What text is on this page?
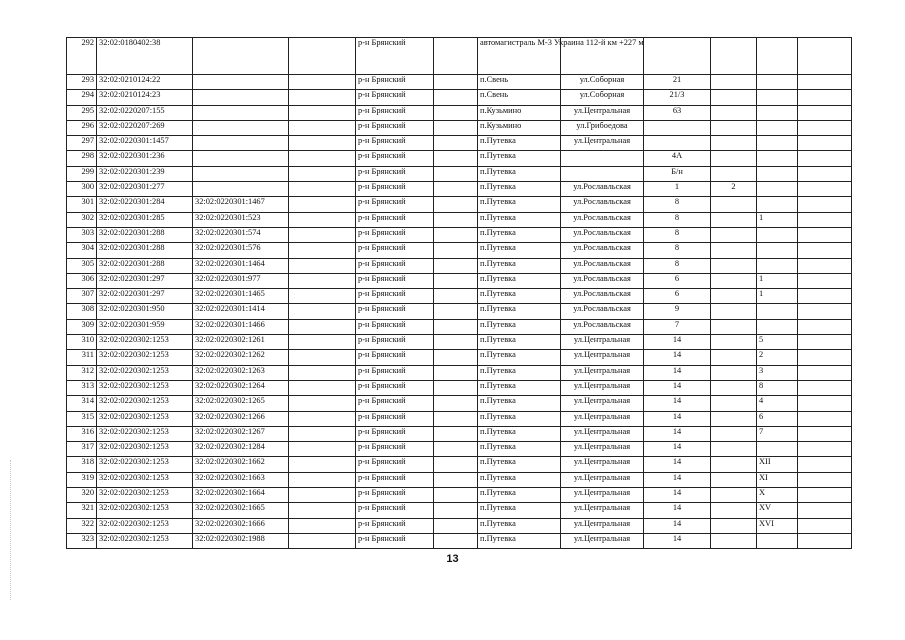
292	32:02:0180402:38			р-н Брянский		автомагистраль М-3 Украина 112-й км +227 м					
293	32:02:0210124:22			р-н Брянский		п.Свень	ул.Соборная	21			
294	32:02:0210124:23			р-н Брянский		п.Свень	ул.Соборная	21/3			
295	32:02:0220207:155			р-н Брянский		п.Кузьмино	ул.Центральная	63			
296	32:02:0220207:269			р-н Брянский		п.Кузьмино	ул.Грибоедова				
297	32:02:0220301:1457			р-н Брянский		п.Путевка	ул.Центральная				
298	32:02:0220301:236			р-н Брянский		п.Путевка		4А			
299	32:02:0220301:239			р-н Брянский		п.Путевка		Б/н			
300	32:02:0220301:277			р-н Брянский		п.Путевка	ул.Рославльская	1	2		
301	32:02:0220301:284	32:02:0220301:1467		р-н Брянский		п.Путевка	ул.Рославльская	8			
302	32:02:0220301:285	32:02:0220301:523		р-н Брянский		п.Путевка	ул.Рославльская	8		1	
303	32:02:0220301:288	32:02:0220301:574		р-н Брянский		п.Путевка	ул.Рославльская	8			
304	32:02:0220301:288	32:02:0220301:576		р-н Брянский		п.Путевка	ул.Рославльская	8			
305	32:02:0220301:288	32:02:0220301:1464		р-н Брянский		п.Путевка	ул.Рославльская	8			
306	32:02:0220301:297	32:02:0220301:977		р-н Брянский		п.Путевка	ул.Рославльская	6		1	
307	32:02:0220301:297	32:02:0220301:1465		р-н Брянский		п.Путевка	ул.Рославльская	6		1	
308	32:02:0220301:950	32:02:0220301:1414		р-н Брянский		п.Путевка	ул.Рославльская	9			
309	32:02:0220301:959	32:02:0220301:1466		р-н Брянский		п.Путевка	ул.Рославльская	7			
310	32:02:0220302:1253	32:02:0220302:1261		р-н Брянский		п.Путевка	ул.Центральная	14		5	
311	32:02:0220302:1253	32:02:0220302:1262		р-н Брянский		п.Путевка	ул.Центральная	14		2	
312	32:02:0220302:1253	32:02:0220302:1263		р-н Брянский		п.Путевка	ул.Центральная	14		3	
313	32:02:0220302:1253	32:02:0220302:1264		р-н Брянский		п.Путевка	ул.Центральная	14		8	
314	32:02:0220302:1253	32:02:0220302:1265		р-н Брянский		п.Путевка	ул.Центральная	14		4	
315	32:02:0220302:1253	32:02:0220302:1266		р-н Брянский		п.Путевка	ул.Центральная	14		6	
316	32:02:0220302:1253	32:02:0220302:1267		р-н Брянский		п.Путевка	ул.Центральная	14		7	
317	32:02:0220302:1253	32:02:0220302:1284		р-н Брянский		п.Путевка	ул.Центральная	14			
318	32:02:0220302:1253	32:02:0220302:1662		р-н Брянский		п.Путевка	ул.Центральная	14		XII	
319	32:02:0220302:1253	32:02:0220302:1663		р-н Брянский		п.Путевка	ул.Центральная	14		XI	
320	32:02:0220302:1253	32:02:0220302:1664		р-н Брянский		п.Путевка	ул.Центральная	14		X	
321	32:02:0220302:1253	32:02:0220302:1665		р-н Брянский		п.Путевка	ул.Центральная	14		XV	
322	32:02:0220302:1253	32:02:0220302:1666		р-н Брянский		п.Путевка	ул.Центральная	14		XVI	
323	32:02:0220302:1253	32:02:0220302:1988		р-н Брянский		п.Путевка	ул.Центральная	14			
13
